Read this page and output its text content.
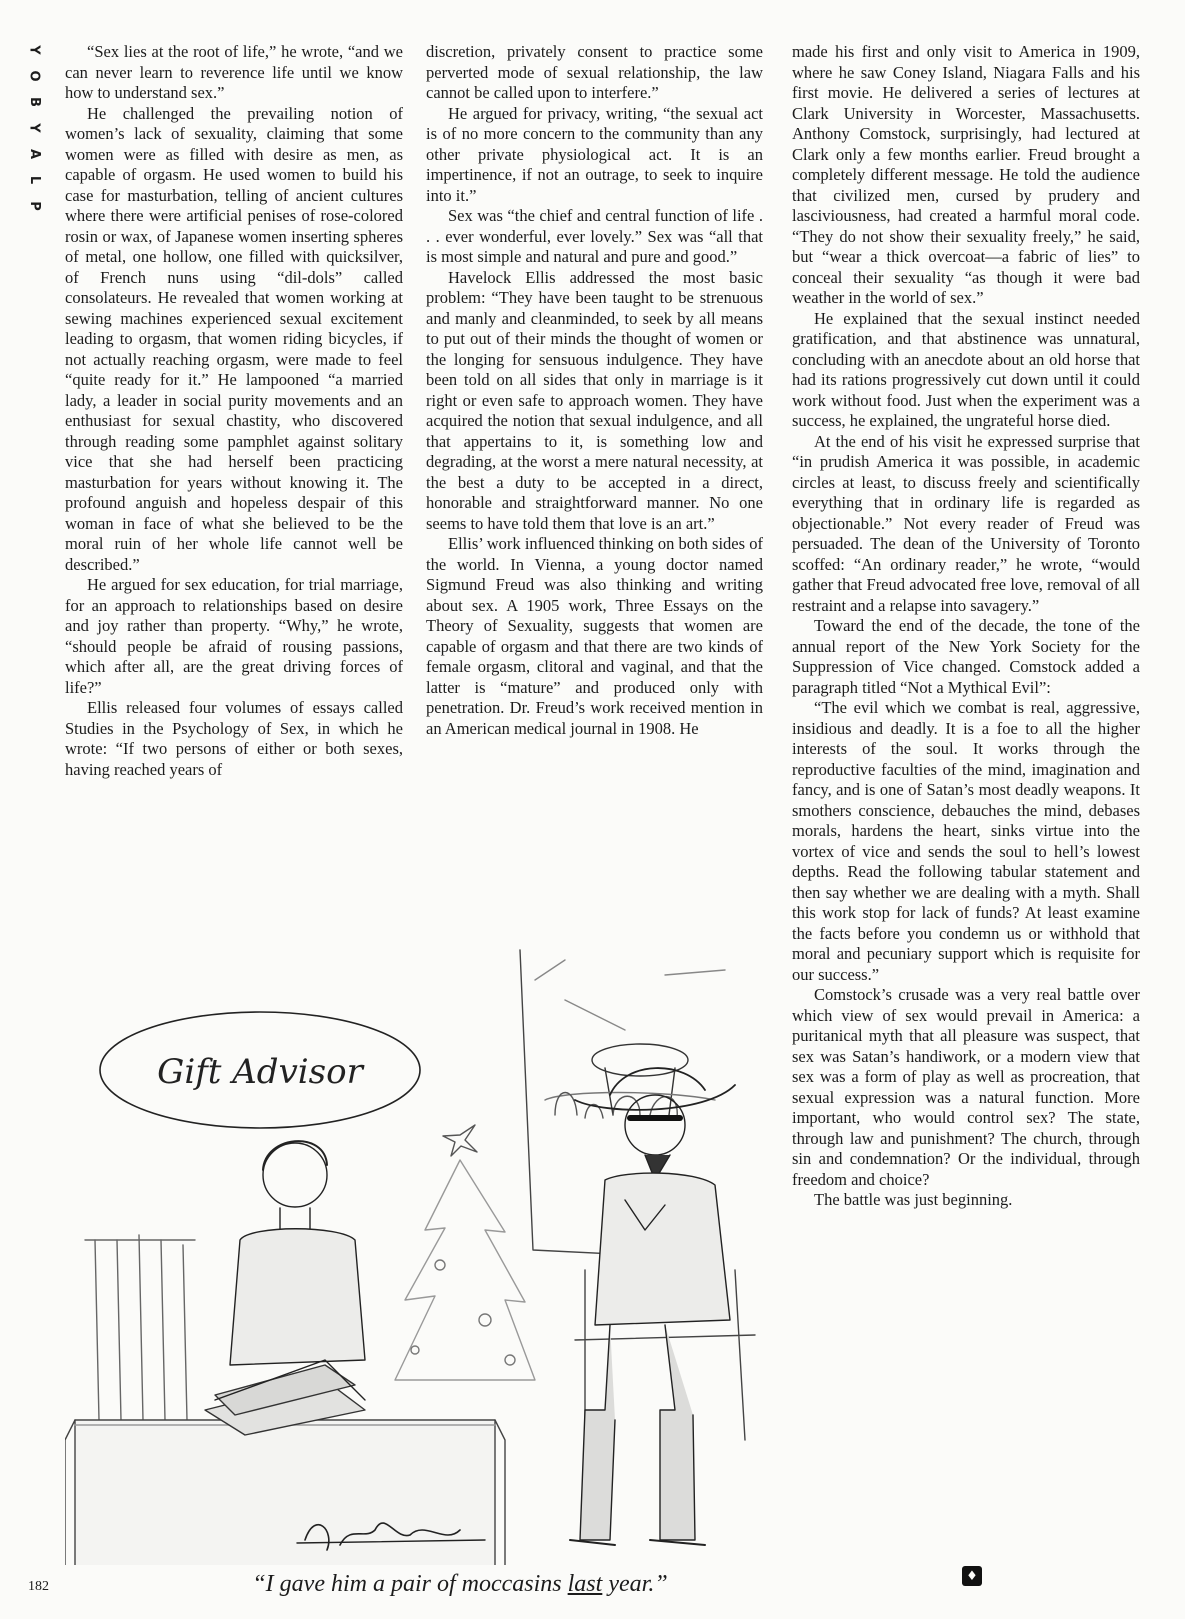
Y
O
B
Y
A
L
P

“Sex lies at the root of life,” he wrote, “and we can never learn to reverence life until we know how to understand sex.”

He challenged the prevailing notion of women’s lack of sexuality, claiming that some women were as filled with desire as men, as capable of orgasm. He used women to build his case for masturbation, telling of ancient cultures where there were artificial penises of rose-colored rosin or wax, of Japanese women inserting spheres of metal, one hollow, one filled with quicksilver, of French nuns using “dil-dols” called consolateurs. He revealed that women working at sewing machines experienced sexual excitement leading to orgasm, that women riding bicycles, if not actually reaching orgasm, were made to feel “quite ready for it.” He lampooned “a married lady, a leader in social purity movements and an enthusiast for sexual chastity, who discovered through reading some pamphlet against solitary vice that she had herself been practicing masturbation for years without knowing it. The profound anguish and hopeless despair of this woman in face of what she believed to be the moral ruin of her whole life cannot well be described.”

He argued for sex education, for trial marriage, for an approach to relationships based on desire and joy rather than property. “Why,” he wrote, “should people be afraid of rousing passions, which after all, are the great driving forces of life?”

Ellis released four volumes of essays called Studies in the Psychology of Sex, in which he wrote: “If two persons of either or both sexes, having reached years of

discretion, privately consent to practice some perverted mode of sexual relationship, the law cannot be called upon to interfere.”

He argued for privacy, writing, “the sexual act is of no more concern to the community than any other private physiological act. It is an impertinence, if not an outrage, to seek to inquire into it.”

Sex was “the chief and central function of life . . . ever wonderful, ever lovely.” Sex was “all that is most simple and natural and pure and good.”

Havelock Ellis addressed the most basic problem: “They have been taught to be strenuous and manly and cleanminded, to seek by all means to put out of their minds the thought of women or the longing for sensuous indulgence. They have been told on all sides that only in marriage is it right or even safe to approach women. They have acquired the notion that sexual indulgence, and all that appertains to it, is something low and degrading, at the worst a mere natural necessity, at the best a duty to be accepted in a direct, honorable and straightforward manner. No one seems to have told them that love is an art.”

Ellis’ work influenced thinking on both sides of the world. In Vienna, a young doctor named Sigmund Freud was also thinking and writing about sex. A 1905 work, Three Essays on the Theory of Sexuality, suggests that women are capable of orgasm and that there are two kinds of female orgasm, clitoral and vaginal, and that the latter is “mature” and produced only with penetration. Dr. Freud’s work received mention in an American medical journal in 1908. He

made his first and only visit to America in 1909, where he saw Coney Island, Niagara Falls and his first movie. He delivered a series of lectures at Clark University in Worcester, Massachusetts. Anthony Comstock, surprisingly, had lectured at Clark only a few months earlier. Freud brought a completely different message. He told the audience that civilized men, cursed by prudery and lasciviousness, had created a harmful moral code. “They do not show their sexuality freely,” he said, but “wear a thick overcoat—a fabric of lies” to conceal their sexuality “as though it were bad weather in the world of sex.”

He explained that the sexual instinct needed gratification, and that abstinence was unnatural, concluding with an anecdote about an old horse that had its rations progressively cut down until it could work without food. Just when the experiment was a success, he explained, the ungrateful horse died.

At the end of his visit he expressed surprise that “in prudish America it was possible, in academic circles at least, to discuss freely and scientifically everything that in ordinary life is regarded as objectionable.” Not every reader of Freud was persuaded. The dean of the University of Toronto scoffed: “An ordinary reader,” he wrote, “would gather that Freud advocated free love, removal of all restraint and a relapse into savagery.”

Toward the end of the decade, the tone of the annual report of the New York Society for the Suppression of Vice changed. Comstock added a paragraph titled “Not a Mythical Evil”:

“The evil which we combat is real, aggressive, insidious and deadly. It is a foe to all the higher interests of the soul. It works through the reproductive faculties of the mind, imagination and fancy, and is one of Satan’s most deadly weapons. It smothers conscience, debauches the mind, debases morals, hardens the heart, sinks virtue into the vortex of vice and sends the soul to hell’s lowest depths. Read the following tabular statement and then say whether we are dealing with a myth. Shall this work stop for lack of funds? At least examine the facts before you condemn us or withhold that moral and pecuniary support which is requisite for our success.”

Comstock’s crusade was a very real battle over which view of sex would prevail in America: a puritanical myth that all pleasure was suspect, that sex was Satan’s handiwork, or a modern view that sex was a form of play as well as procreation, that sexual expression was a natural function. More important, who would control sex? The state, through law and punishment? The church, through sin and condemnation? Or the individual, through freedom and choice?

The battle was just beginning.

Gift Advisor
“I gave him a pair of moccasins last year.”
182
♦
